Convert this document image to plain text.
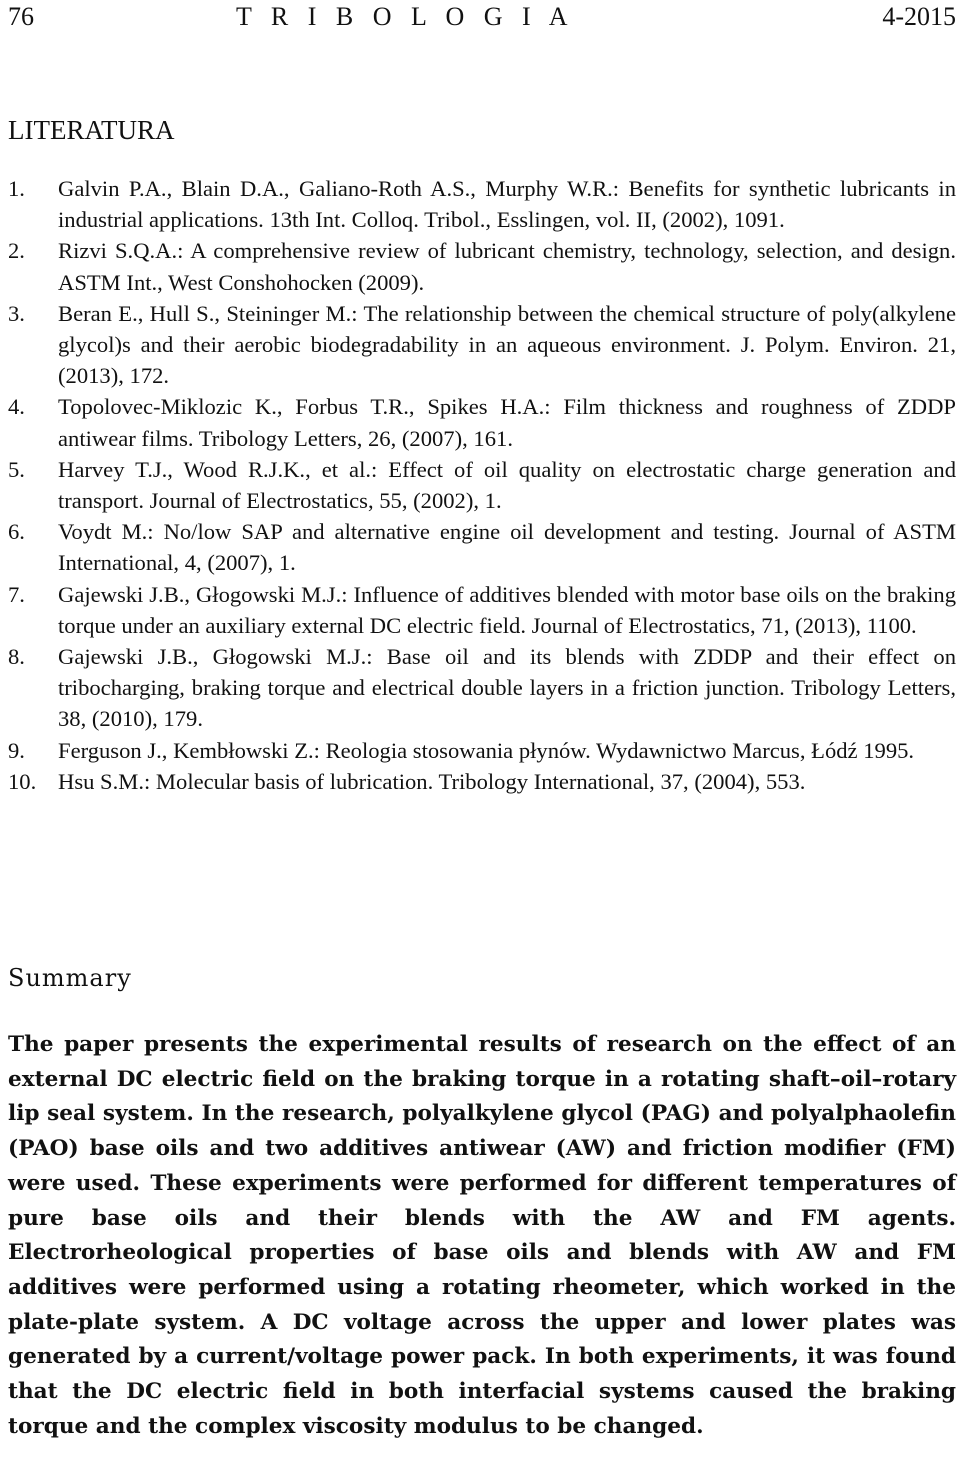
76	T R I B O L O G I A	4-2015
LITERATURA
1. Galvin P.A., Blain D.A., Galiano-Roth A.S., Murphy W.R.: Benefits for synthetic lubricants in industrial applications. 13th Int. Colloq. Tribol., Esslingen, vol. II, (2002), 1091.
2. Rizvi S.Q.A.: A comprehensive review of lubricant chemistry, technology, selection, and design. ASTM Int., West Conshohocken (2009).
3. Beran E., Hull S., Steininger M.: The relationship between the chemical structure of poly(alkylene glycol)s and their aerobic biodegradability in an aqueous environment. J. Polym. Environ. 21, (2013), 172.
4. Topolovec-Miklozic K., Forbus T.R., Spikes H.A.: Film thickness and roughness of ZDDP antiwear films. Tribology Letters, 26, (2007), 161.
5. Harvey T.J., Wood R.J.K., et al.: Effect of oil quality on electrostatic charge generation and transport. Journal of Electrostatics, 55, (2002), 1.
6. Voydt M.: No/low SAP and alternative engine oil development and testing. Journal of ASTM International, 4, (2007), 1.
7. Gajewski J.B., Głogowski M.J.: Influence of additives blended with motor base oils on the braking torque under an auxiliary external DC electric field. Journal of Electrostatics, 71, (2013), 1100.
8. Gajewski J.B., Głogowski M.J.: Base oil and its blends with ZDDP and their effect on tribocharging, braking torque and electrical double layers in a friction junction. Tribology Letters, 38, (2010), 179.
9. Ferguson J., Kembłowski Z.: Reologia stosowania płynów. Wydawnictwo Marcus, Łódź 1995.
10. Hsu S.M.: Molecular basis of lubrication. Tribology International, 37, (2004), 553.
Summary

The paper presents the experimental results of research on the effect of an external DC electric field on the braking torque in a rotating shaft–oil–rotary lip seal system. In the research, polyalkylene glycol (PAG) and polyalphaolefin (PAO) base oils and two additives antiwear (AW) and friction modifier (FM) were used. These experiments were performed for different temperatures of pure base oils and their blends with the AW and FM agents. Electrorheological properties of base oils and blends with AW and FM additives were performed using a rotating rheometer, which worked in the plate-plate system. A DC voltage across the upper and lower plates was generated by a current/voltage power pack. In both experiments, it was found that the DC electric field in both interfacial systems caused the braking torque and the complex viscosity modulus to be changed.
